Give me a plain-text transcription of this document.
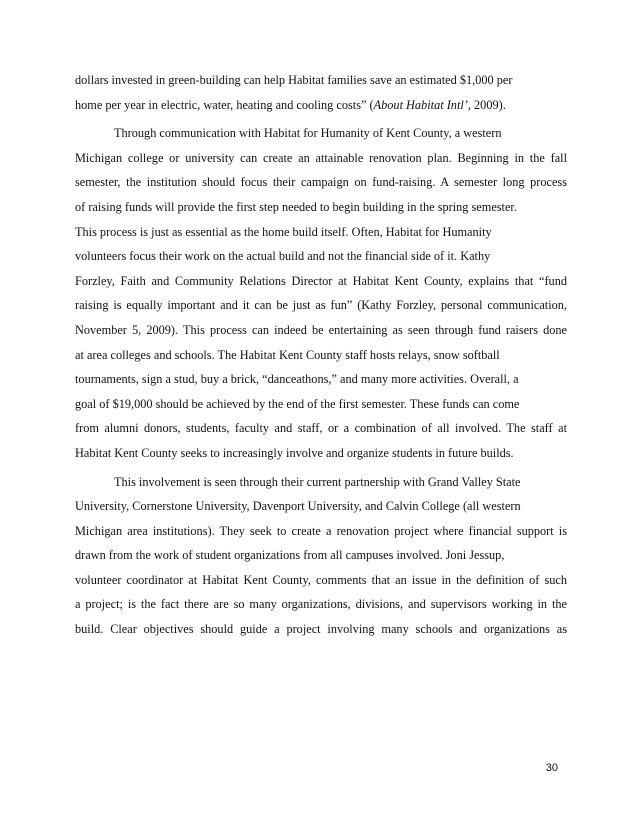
dollars invested in green-building can help Habitat families save an estimated $1,000 per
home per year in electric, water, heating and cooling costs” (About Habitat Intl’, 2009).
Through communication with Habitat for Humanity of Kent County, a western
Michigan college or university can create an attainable renovation plan. Beginning in the fall
semester, the institution should focus their campaign on fund-raising. A semester long process
of raising funds will provide the first step needed to begin building in the spring semester.
This process is just as essential as the home build itself. Often, Habitat for Humanity
volunteers focus their work on the actual build and not the financial side of it. Kathy
Forzley, Faith and Community Relations Director at Habitat Kent County, explains that “fund
raising is equally important and it can be just as fun” (Kathy Forzley, personal communication,
November 5, 2009). This process can indeed be entertaining as seen through fund raisers done
at area colleges and schools. The Habitat Kent County staff hosts relays, snow softball
tournaments, sign a stud, buy a brick, “danceathons,” and many more activities. Overall, a
goal of $19,000 should be achieved by the end of the first semester. These funds can come
from alumni donors, students, faculty and staff, or a combination of all involved. The staff at
Habitat Kent County seeks to increasingly involve and organize students in future builds.
This involvement is seen through their current partnership with Grand Valley State
University, Cornerstone University, Davenport University, and Calvin College (all western
Michigan area institutions). They seek to create a renovation project where financial support is
drawn from the work of student organizations from all campuses involved. Joni Jessup,
volunteer coordinator at Habitat Kent County, comments that an issue in the definition of such
a project; is the fact there are so many organizations, divisions, and supervisors working in the
build. Clear objectives should guide a project involving many schools and organizations as
30
